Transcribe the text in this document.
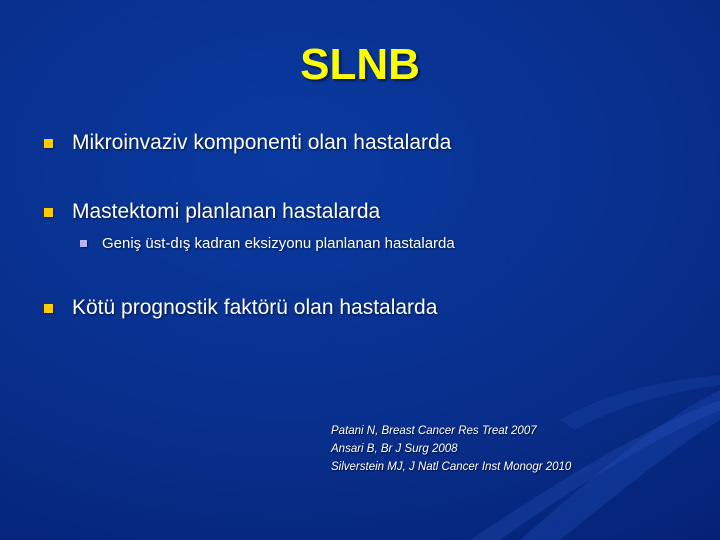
SLNB
Mikroinvaziv komponenti olan hastalarda
Mastektomi planlanan hastalarda
Geniş üst-dış kadran eksizyonu planlanan hastalarda
Kötü prognostik faktörü olan hastalarda
Patani N, Breast Cancer Res Treat 2007
Ansari B, Br J Surg 2008
Silverstein MJ, J Natl Cancer Inst Monogr 2010
